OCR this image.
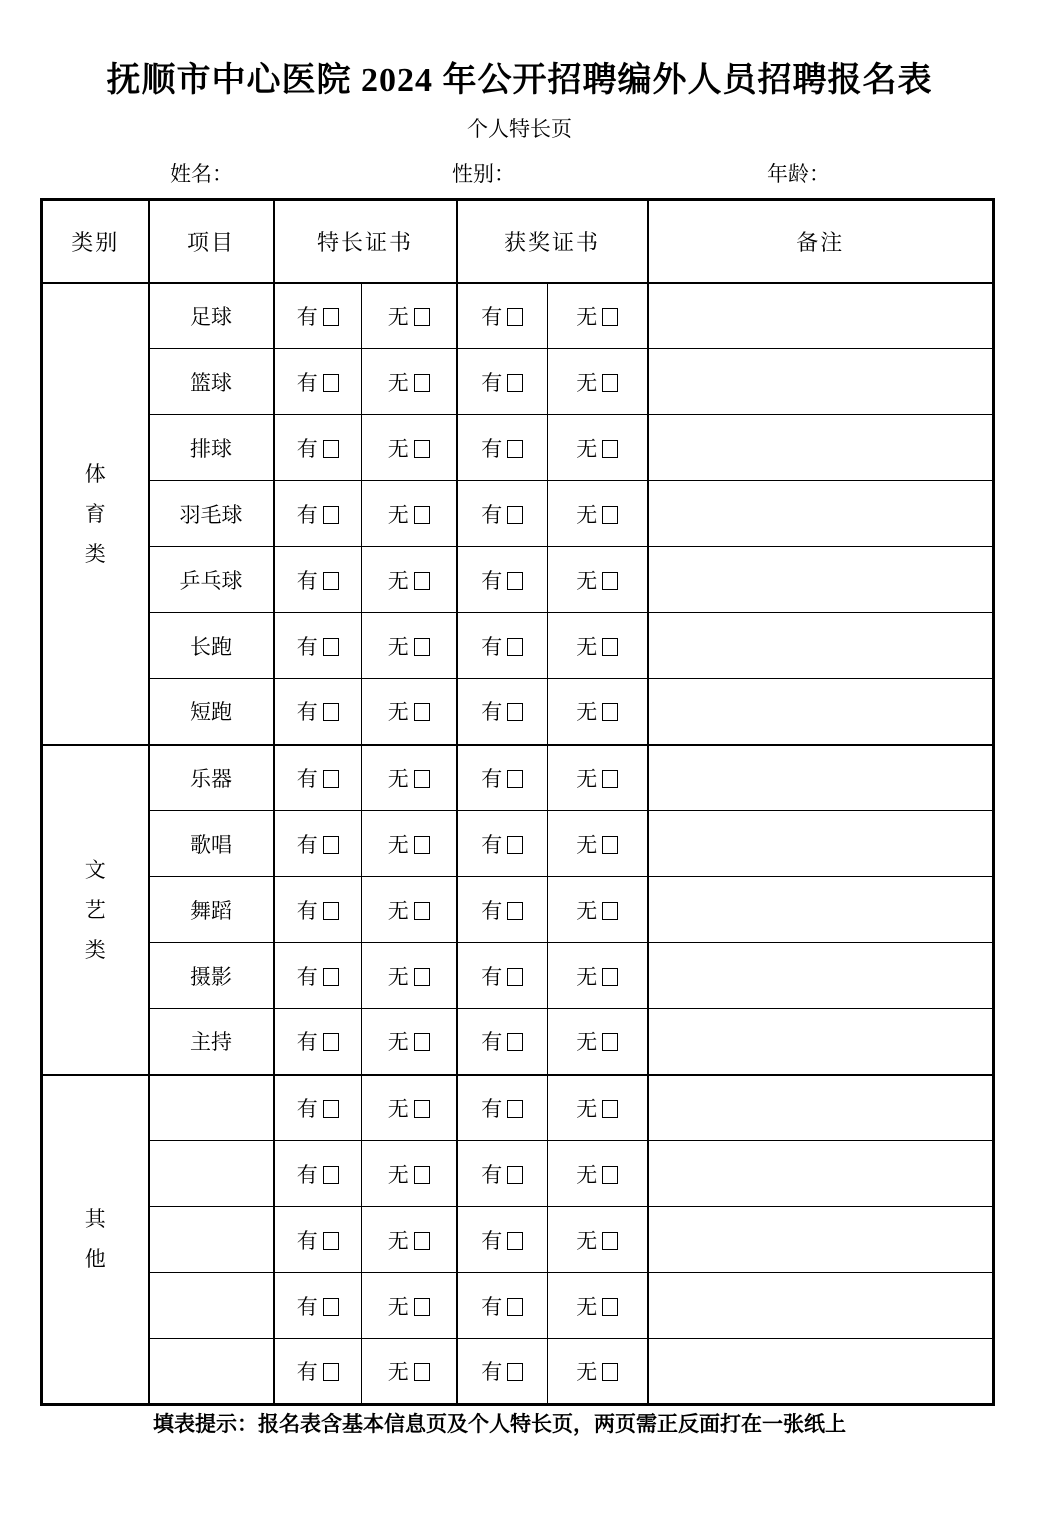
抚顺市中心医院 2024 年公开招聘编外人员招聘报名表
个人特长页
姓名：	性别：	年龄：
类别	项目	特长证书		获奖证书		备注

体
育
类	足球	有	无	有	无	
	篮球	有	无	有	无	
	排球	有	无	有	无	
	羽毛球	有	无	有	无	
	乒乓球	有	无	有	无	
	长跑	有	无	有	无	
	短跑	有	无	有	无	

文
艺
类	乐器	有	无	有	无	
	歌唱	有	无	有	无	
	舞蹈	有	无	有	无	
	摄影	有	无	有	无	
	主持	有	无	有	无	

其
他		有	无	有	无	
		有	无	有	无	
		有	无	有	无	
		有	无	有	无	
		有	无	有	无	
填表提示：报名表含基本信息页及个人特长页，两页需正反面打在一张纸上
